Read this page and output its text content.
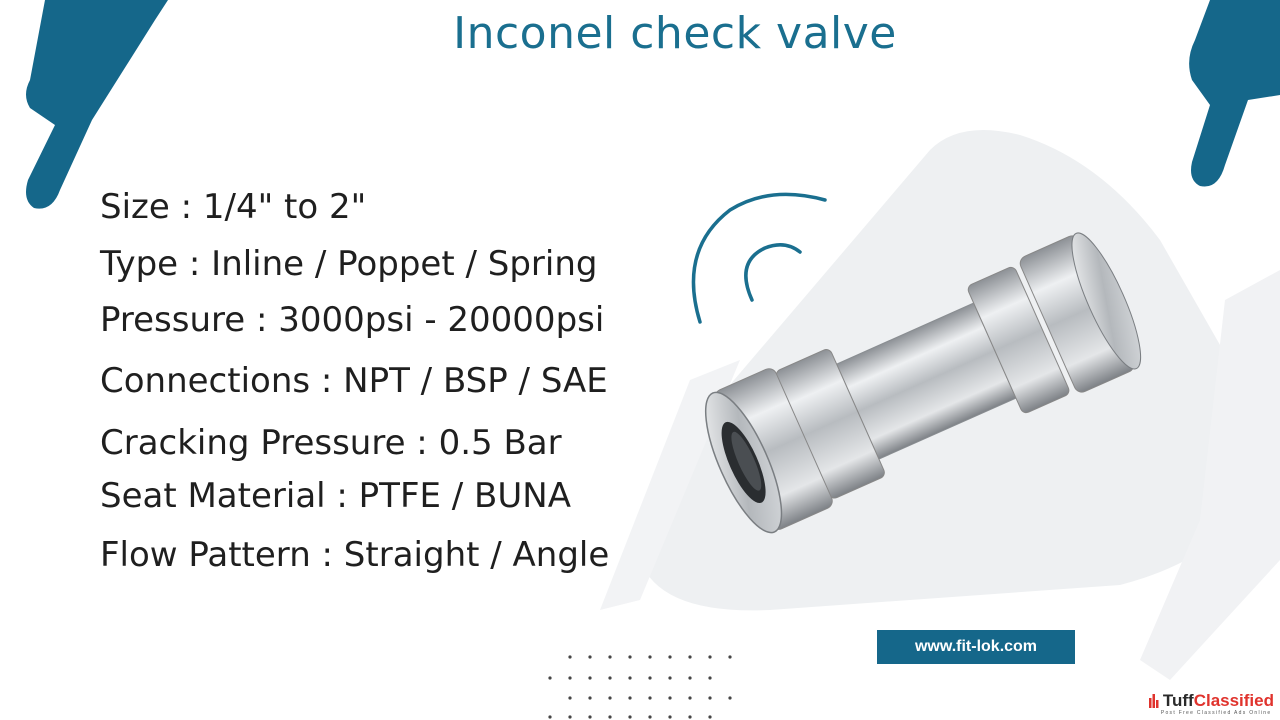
Inconel check valve
Size : 1/4" to 2"
Type : Inline / Poppet / Spring
Pressure : 3000psi - 20000psi
Connections : NPT / BSP / SAE
Cracking Pressure : 0.5 Bar
Seat Material : PTFE / BUNA
Flow Pattern : Straight / Angle
www.fit-lok.com
TuffClassified
Post Free Classified Ads Online
